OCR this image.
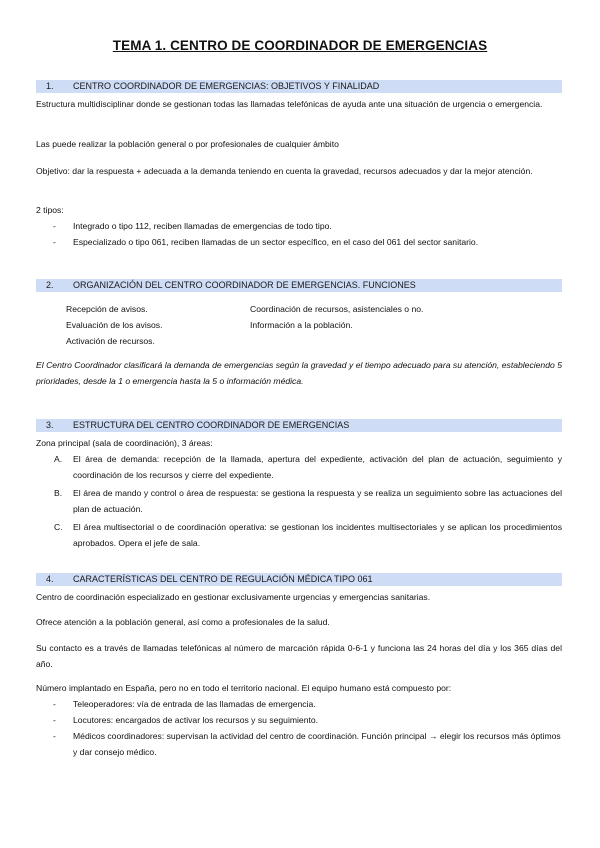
TEMA 1. CENTRO DE COORDINADOR DE EMERGENCIAS
1. CENTRO COORDINADOR DE EMERGENCIAS: OBJETIVOS Y FINALIDAD
Estructura multidisciplinar donde se gestionan todas las llamadas telefónicas de ayuda ante una situación de urgencia o emergencia.
Las puede realizar la población general o por profesionales de cualquier ámbito
Objetivo: dar la respuesta + adecuada a la demanda teniendo en cuenta la gravedad, recursos adecuados y dar la mejor atención.
2 tipos:
- Integrado o tipo 112, reciben llamadas de emergencias de todo tipo.
- Especializado o tipo 061, reciben llamadas de un sector específico, en el caso del 061 del sector sanitario.
2. ORGANIZACIÓN DEL CENTRO COORDINADOR DE EMERGENCIAS. FUNCIONES
Recepción de avisos.
Evaluación de los avisos.
Activación de recursos.
Coordinación de recursos, asistenciales o no.
Información a la población.
El Centro Coordinador clasificará la demanda de emergencias según la gravedad y el tiempo adecuado para su atención, estableciendo 5 prioridades, desde la 1 o emergencia hasta la 5 o información médica.
3. ESTRUCTURA DEL CENTRO COORDINADOR DE EMERGENCIAS
Zona principal (sala de coordinación), 3 áreas:
A. El área de demanda: recepción de la llamada, apertura del expediente, activación del plan de actuación, seguimiento y coordinación de los recursos y cierre del expediente.
B. El área de mando y control o área de respuesta: se gestiona la respuesta y se realiza un seguimiento sobre las actuaciones del plan de actuación.
C. El área multisectorial o de coordinación operativa: se gestionan los incidentes multisectoriales y se aplican los procedimientos aprobados. Opera el jefe de sala.
4. CARACTERÍSTICAS DEL CENTRO DE REGULACIÓN MÉDICA TIPO 061
Centro de coordinación especializado en gestionar exclusivamente urgencias y emergencias sanitarias.
Ofrece atención a la población general, así como a profesionales de la salud.
Su contacto es a través de llamadas telefónicas al número de marcación rápida 0-6-1 y funciona las 24 horas del día y los 365 días del año.
Número implantado en España, pero no en todo el territorio nacional. El equipo humano está compuesto por:
- Teleoperadores: vía de entrada de las llamadas de emergencia.
- Locutores: encargados de activar los recursos y su seguimiento.
- Médicos coordinadores: supervisan la actividad del centro de coordinación. Función principal → elegir los recursos más óptimos y dar consejo médico.
